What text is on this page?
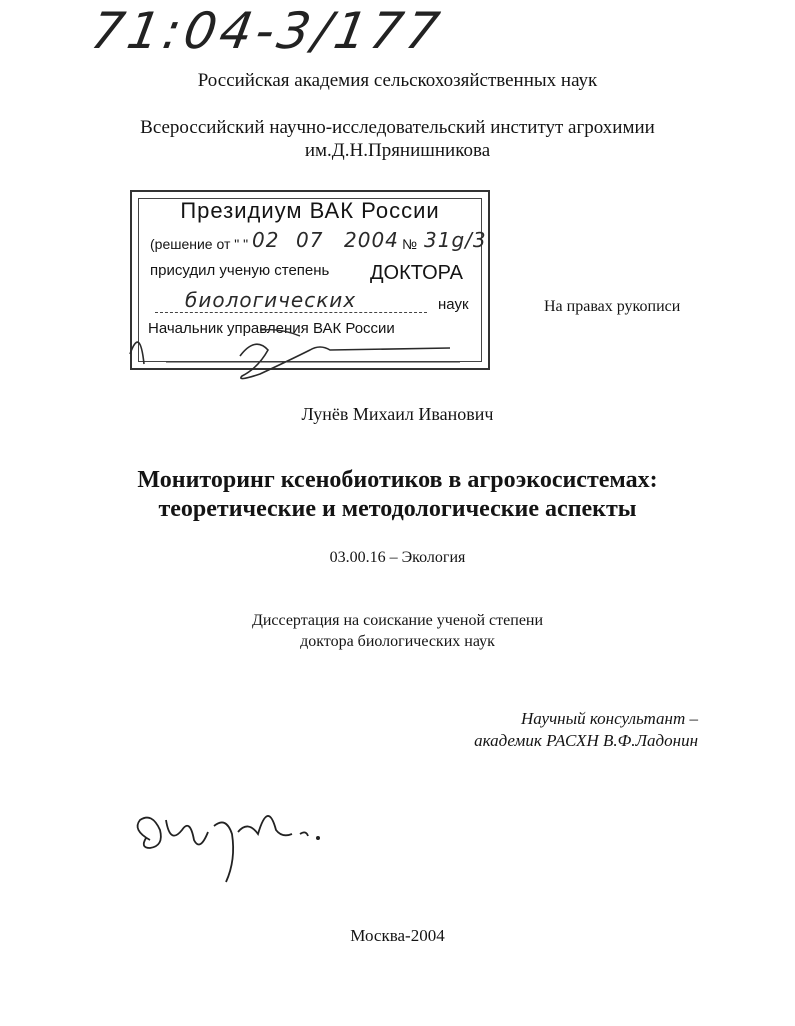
71:04-3/177
Российская академия сельскохозяйственных наук
Всероссийский научно-исследовательский институт агрохимии
им.Д.Н.Прянишникова
Президиум ВАК России
(решение от " " 02 07 2004 № 31g/3
присудил ученую степень ДОКТОРА
биологических	наук
Начальник управления ВАК России
На правах рукописи
Лунёв Михаил Иванович
Мониторинг ксенобиотиков в агроэкосистемах:
теоретические и методологические аспекты
03.00.16 – Экология
Диссертация на соискание ученой степени
доктора биологических наук
Научный консультант –
академик РАСХН В.Ф.Ладонин
Москва-2004
